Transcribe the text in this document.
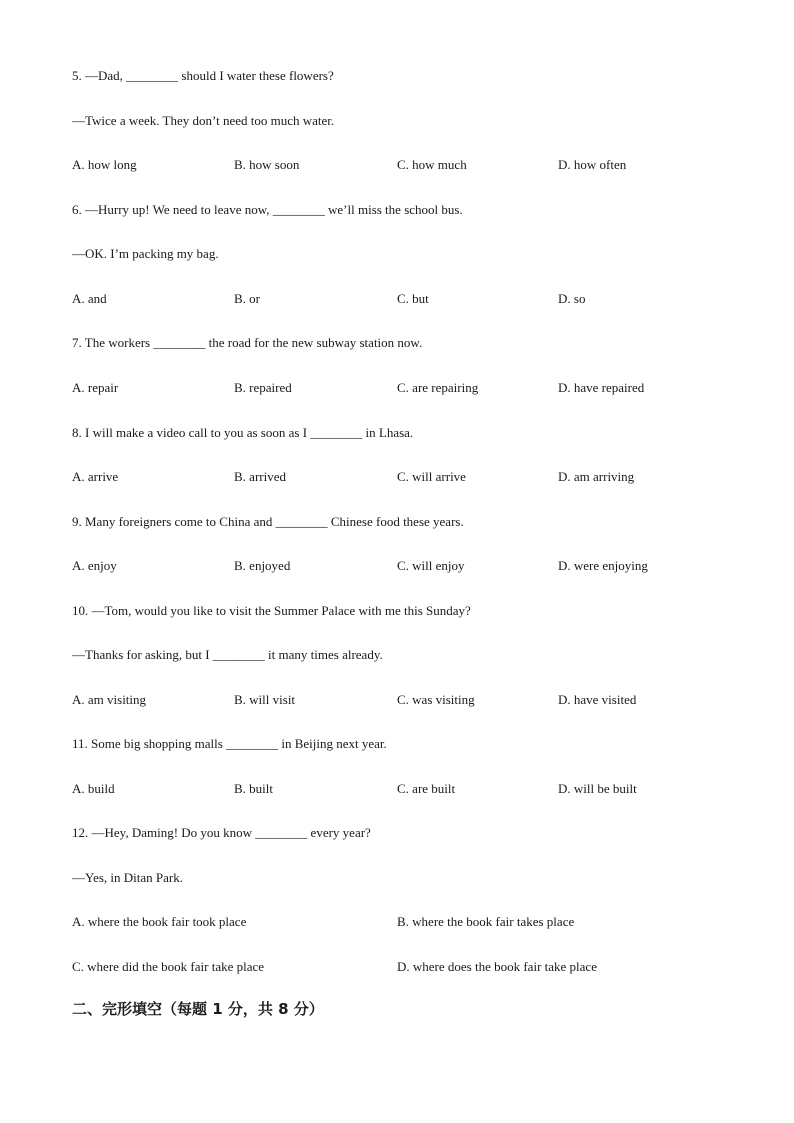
5. —Dad, ________ should I water these flowers?
—Twice a week. They don’t need too much water.
A. how long	B. how soon	C. how much	D. how often
6. —Hurry up! We need to leave now, ________ we’ll miss the school bus.
—OK. I’m packing my bag.
A. and	B. or	C. but	D. so
7. The workers ________ the road for the new subway station now.
A. repair	B. repaired	C. are repairing	D. have repaired
8. I will make a video call to you as soon as I ________ in Lhasa.
A. arrive	B. arrived	C. will arrive	D. am arriving
9. Many foreigners come to China and ________ Chinese food these years.
A. enjoy	B. enjoyed	C. will enjoy	D. were enjoying
10. —Tom, would you like to visit the Summer Palace with me this Sunday?
—Thanks for asking, but I ________ it many times already.
A. am visiting	B. will visit	C. was visiting	D. have visited
11. Some big shopping malls ________ in Beijing next year.
A. build	B. built	C. are built	D. will be built
12. —Hey, Daming! Do you know ________ every year?
—Yes, in Ditan Park.
A. where the book fair took place	B. where the book fair takes place
C. where did the book fair take place	D. where does the book fair take place
二、完形填空（每题 1 分，共 8 分）
